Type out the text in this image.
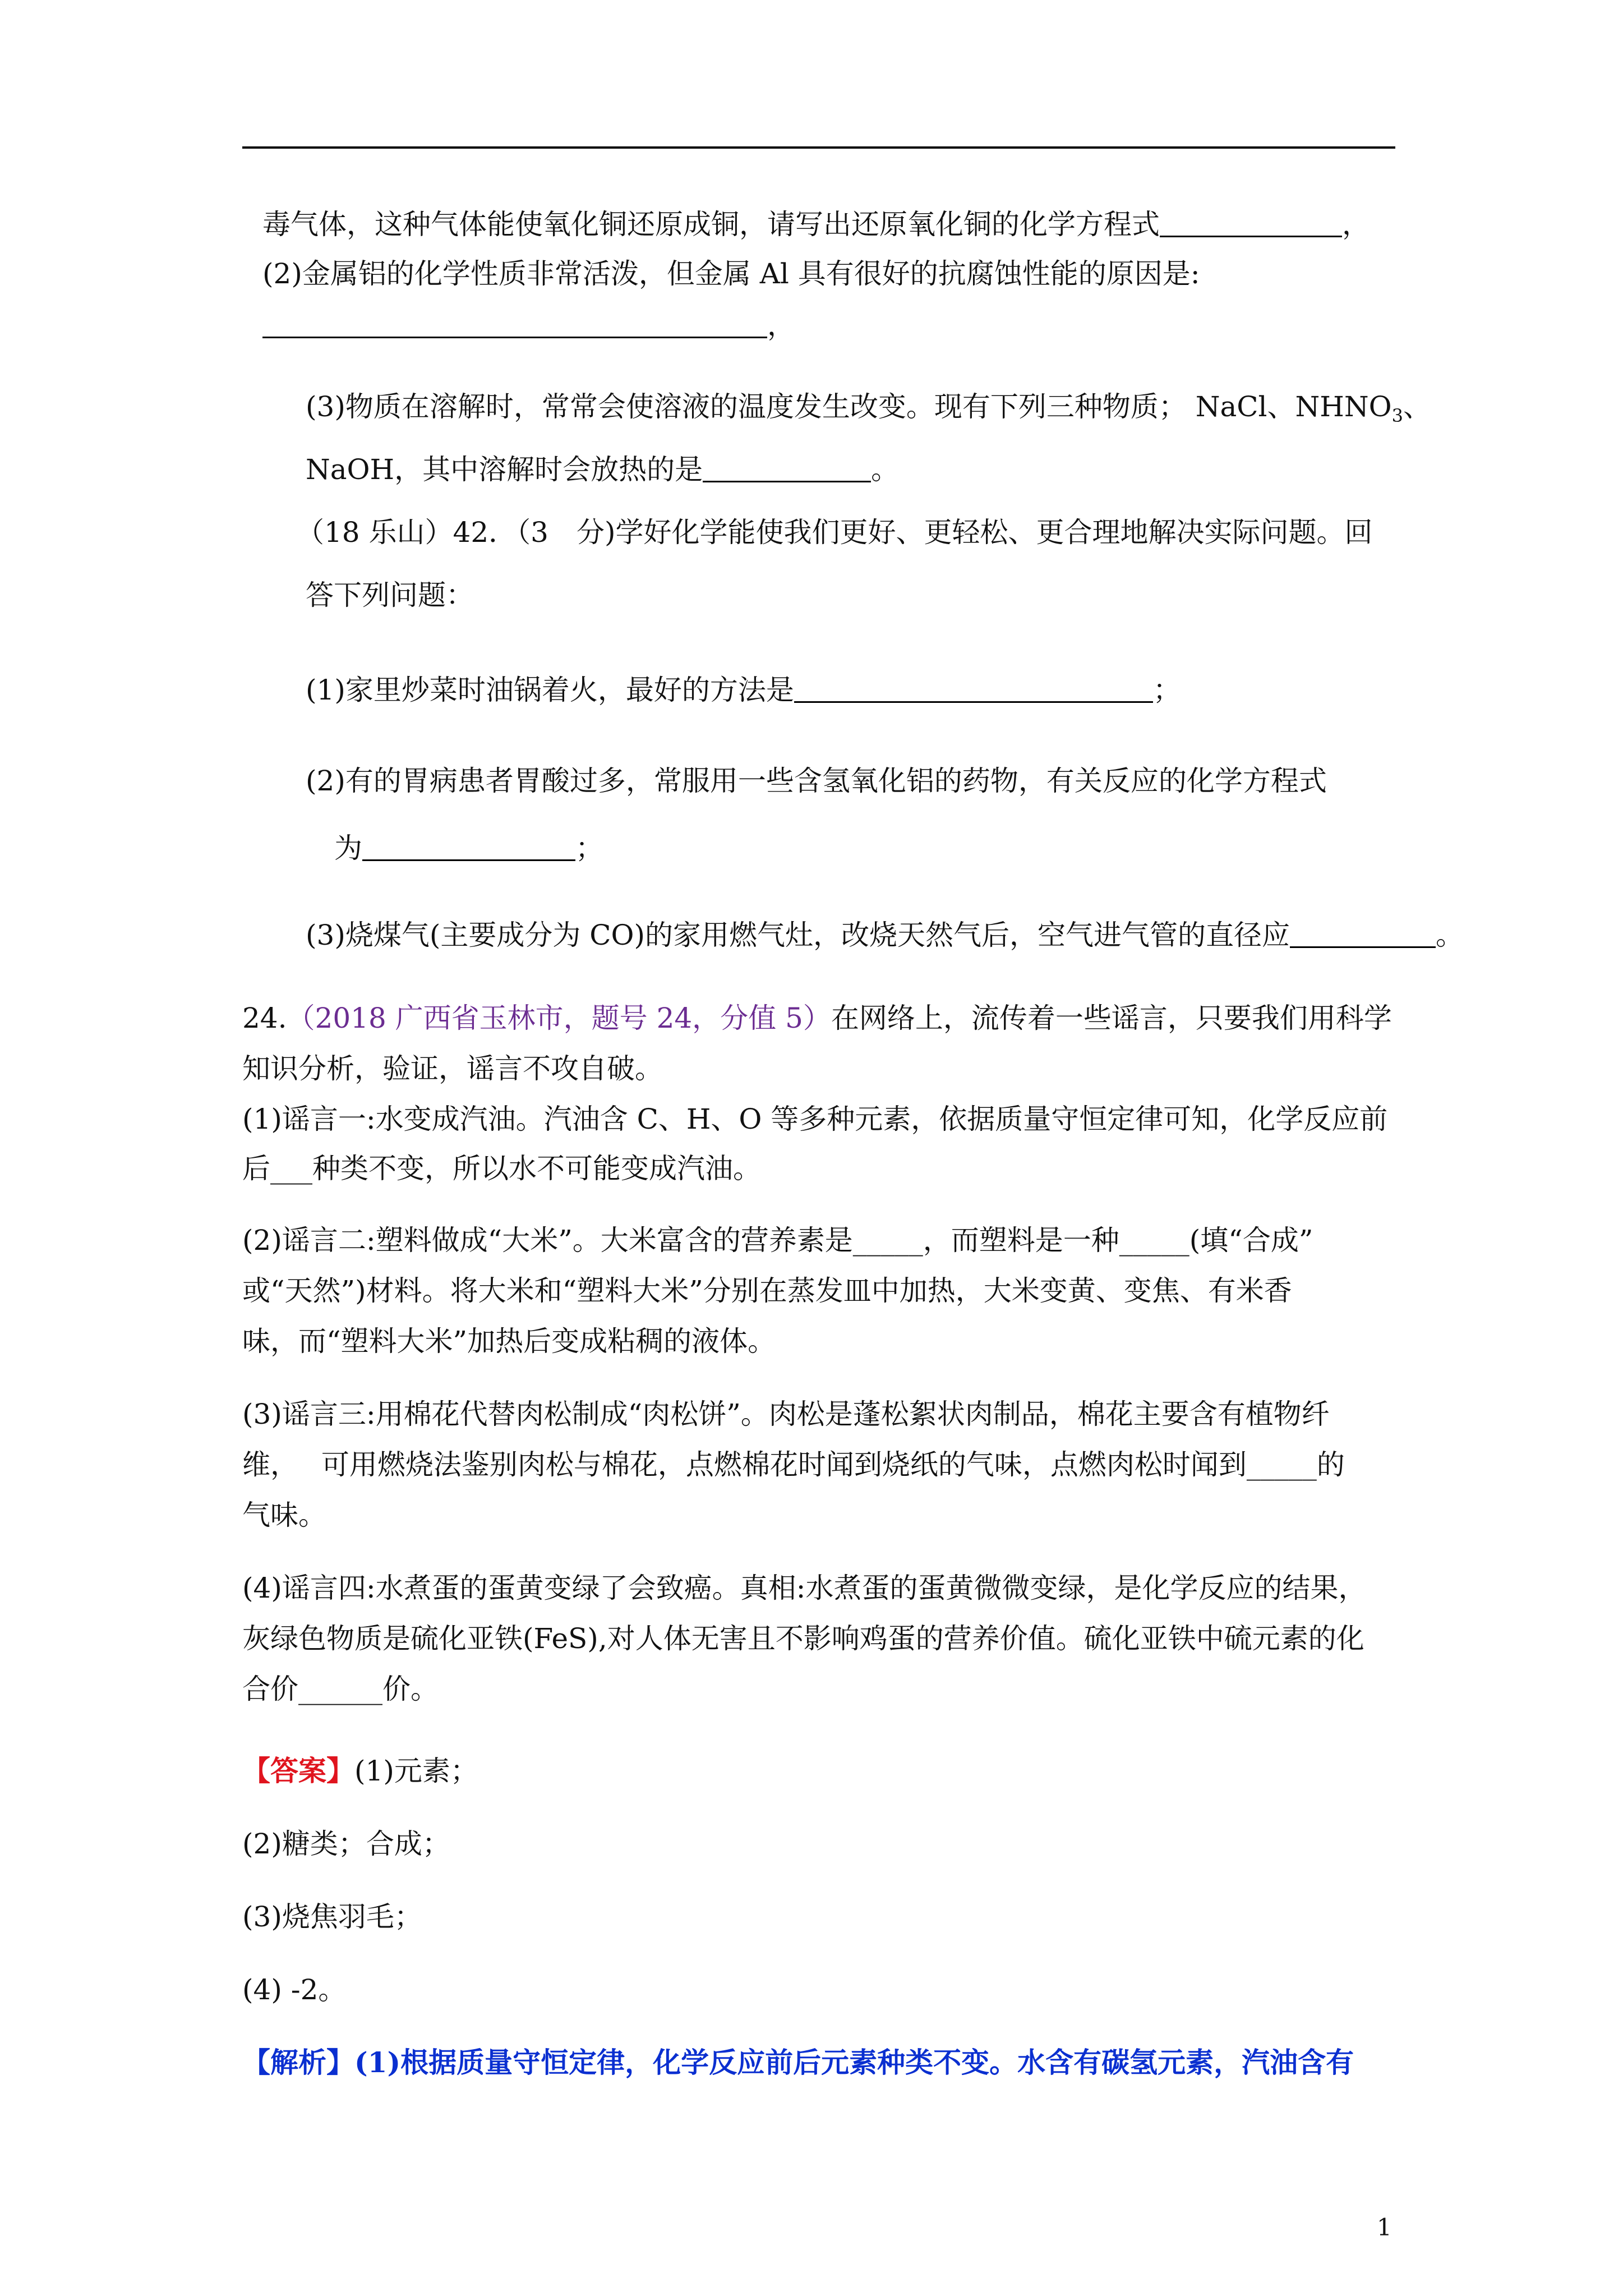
毒气体，这种气体能使氧化铜还原成铜，请写出还原氧化铜的化学方程式	，
(2)金属铝的化学性质非常活泼，但金属 Al 具有很好的抗腐蚀性能的原因是:
，
(3)物质在溶解时，常常会使溶液的温度发生改变。现有下列三种物质； NaCl、$NHNO_3$、
NaOH，其中溶解时会放热的是	。
（18 乐山）42．（3　分)学好化学能使我们更好、更轻松、更合理地解决实际问题。回
答下列问题：
(1)家里炒菜时油锅着火，最好的方法是	；
(2)有的胃病患者胃酸过多，常服用一些含氢氧化铝的药物，有关反应的化学方程式
为	；
(3)烧煤气(主要成分为 CO)的家用燃气灶，改烧天然气后，空气进气管的直径应	。
24.（2018 广西省玉林市，题号 24，分值 5）在网络上，流传着一些谣言，只要我们用科学
知识分析，验证，谣言不攻自破。
(1)谣言一:水变成汽油。汽油含 C、H、O 等多种元素，依据质量守恒定律可知，化学反应前
后___种类不变，所以水不可能变成汽油。
(2)谣言二:塑料做成“大米”。大米富含的营养素是_____，而塑料是一种_____(填“合成”
或“天然”)材料。将大米和“塑料大米”分别在蒸发皿中加热，大米变黄、变焦、有米香
味，而“塑料大米”加热后变成粘稠的液体。
(3)谣言三:用棉花代替肉松制成“肉松饼”。肉松是蓬松絮状肉制品，棉花主要含有植物纤
维，　 可用燃烧法鉴别肉松与棉花，点燃棉花时闻到烧纸的气味，点燃肉松时闻到_____的
气味。
(4)谣言四:水煮蛋的蛋黄变绿了会致癌。真相:水煮蛋的蛋黄微微变绿，是化学反应的结果，
灰绿色物质是硫化亚铁(FeS),对人体无害且不影响鸡蛋的营养价值。硫化亚铁中硫元素的化
合价______价。
【答案】(1)元素；
(2)糖类；合成；
(3)烧焦羽毛；
(4) -2。
【解析】(1)根据质量守恒定律，化学反应前后元素种类不变。水含有碳氢元素，汽油含有
1
